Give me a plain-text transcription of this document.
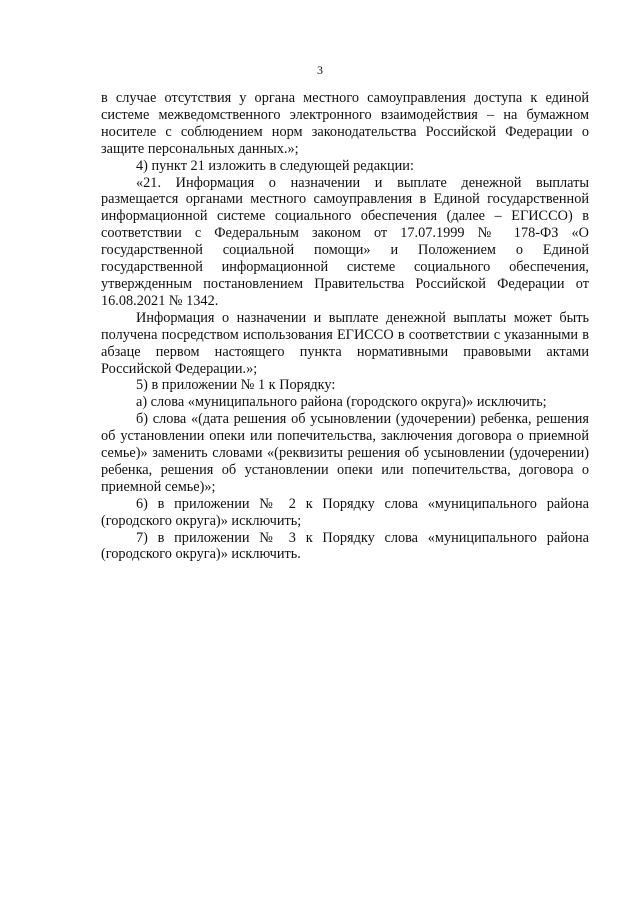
3

в случае отсутствия у органа местного самоуправления доступа к единой системе межведомственного электронного взаимодействия – на бумажном носителе с соблюдением норм законодательства Российской Федерации о защите персональных данных.»;

4) пункт 21 изложить в следующей редакции:

«21. Информация о назначении и выплате денежной выплаты размещается органами местного самоуправления в Единой государственной информационной системе социального обеспечения (далее – ЕГИССО) в соответствии с Федеральным законом от 17.07.1999 № 178-ФЗ «О государственной социальной помощи» и Положением о Единой государственной информационной системе социального обеспечения, утвержденным постановлением Правительства Российской Федерации от 16.08.2021 № 1342.

Информация о назначении и выплате денежной выплаты может быть получена посредством использования ЕГИССО в соответствии с указанными в абзаце первом настоящего пункта нормативными правовыми актами Российской Федерации.»;

5) в приложении № 1 к Порядку:

а) слова «муниципального района (городского округа)» исключить;

б) слова «(дата решения об усыновлении (удочерении) ребенка, решения об установлении опеки или попечительства, заключения договора о приемной семье)» заменить словами «(реквизиты решения об усыновлении (удочерении) ребенка, решения об установлении опеки или попечительства, договора о приемной семье)»;

6) в приложении № 2 к Порядку слова «муниципального района (городского округа)» исключить;

7) в приложении № 3 к Порядку слова «муниципального района (городского округа)» исключить.
